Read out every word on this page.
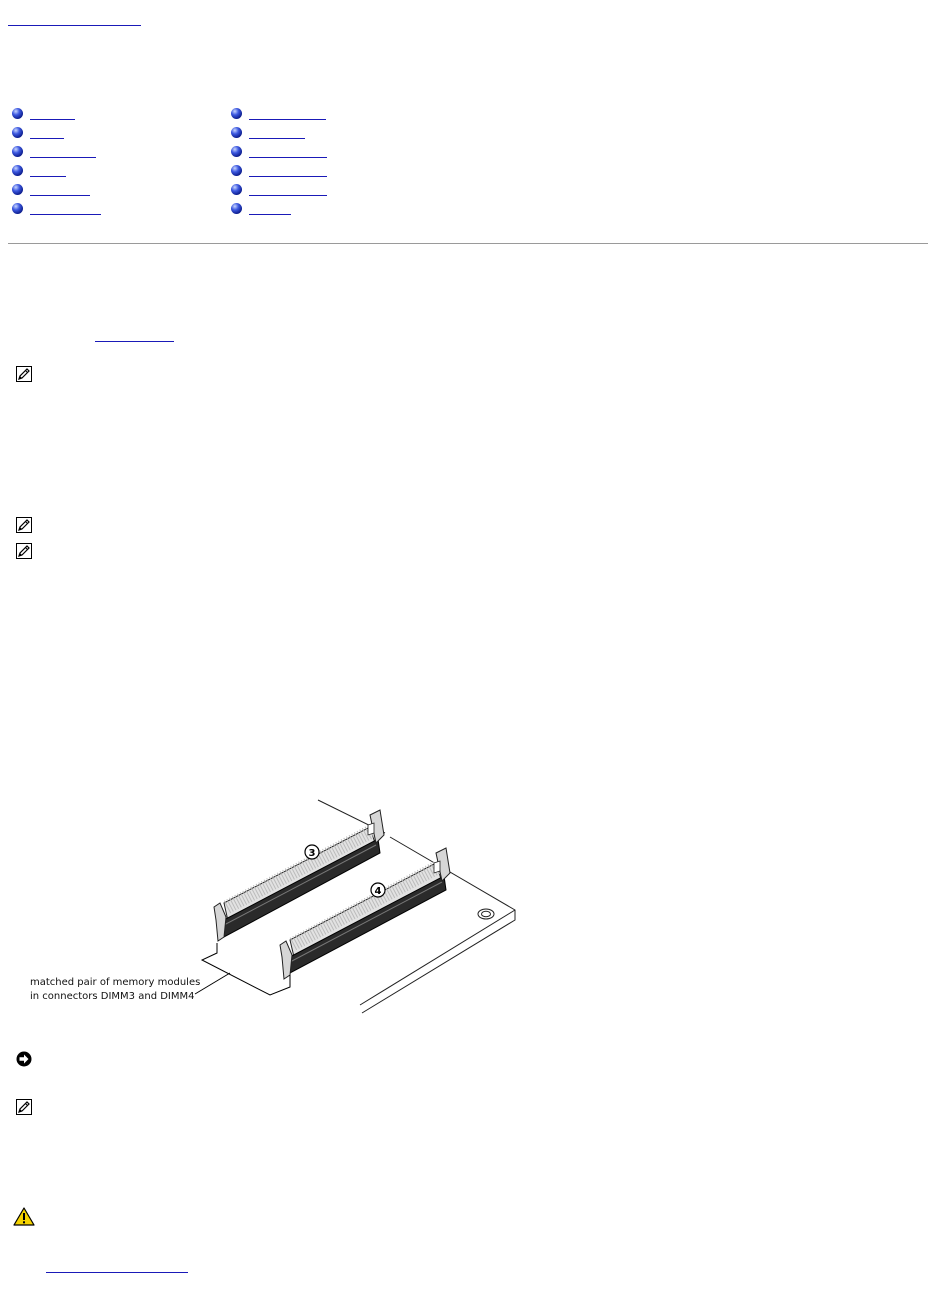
3
4
matched pair of memory modules
in connectors DIMM3 and DIMM4
